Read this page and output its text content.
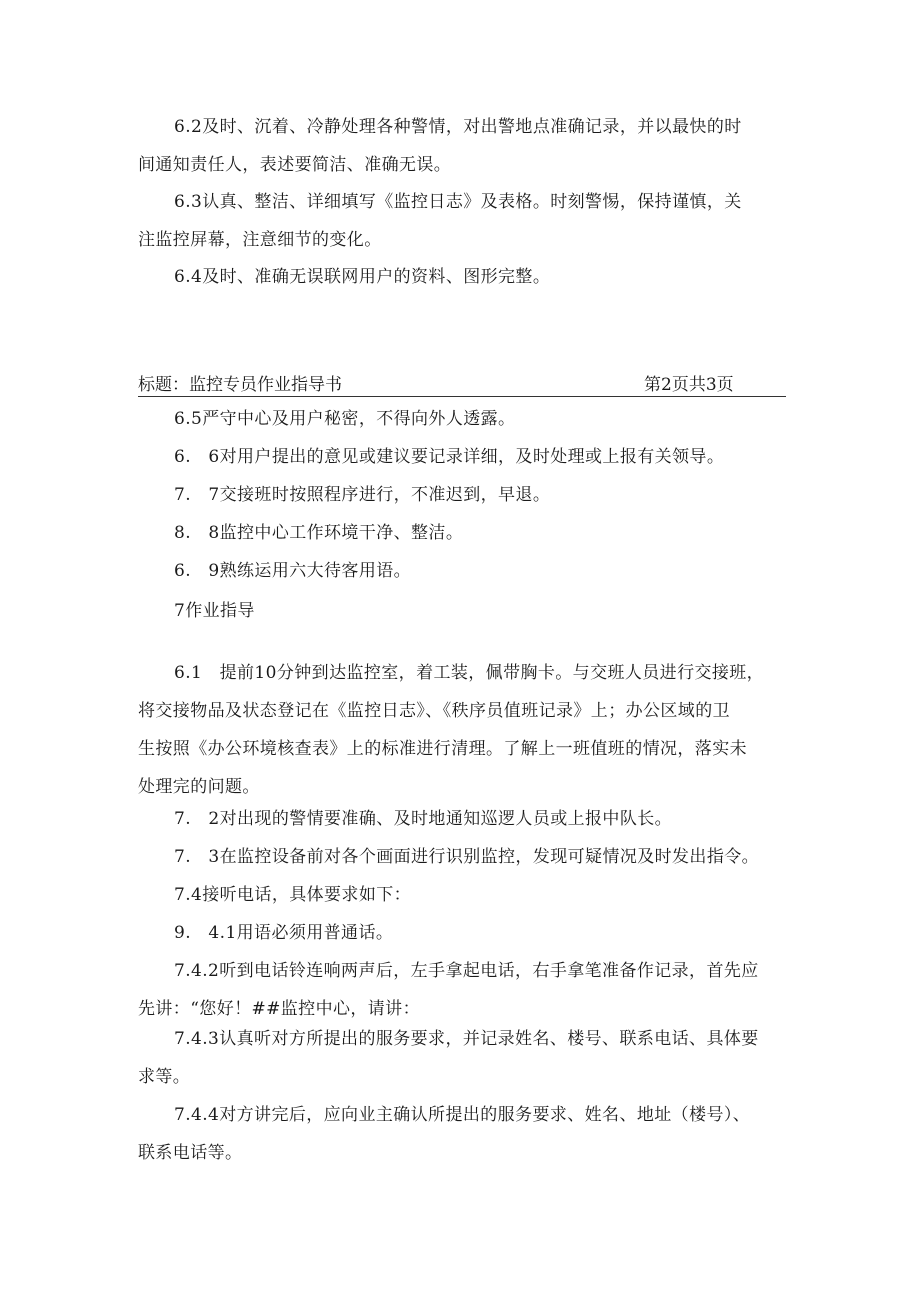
6.2及时、沉着、冷静处理各种警情，对出警地点准确记录，并以最快的时
间通知责任人，表述要简洁、准确无误。
6.3认真、整洁、详细填写《监控日志》及表格。时刻警惕，保持谨慎，关
注监控屏幕，注意细节的变化。
6.4及时、准确无误联网用户的资料、图形完整。
标题：监控专员作业指导书	第2页共3页
6.5严守中心及用户秘密，不得向外人透露。
6.　6对用户提出的意见或建议要记录详细，及时处理或上报有关领导。
7.　7交接班时按照程序进行，不准迟到，早退。
8.　8监控中心工作环境干净、整洁。
6.　9熟练运用六大待客用语。
7作业指导
6.1　提前10分钟到达监控室，着工装，佩带胸卡。与交班人员进行交接班，
将交接物品及状态登记在《监控日志》、《秩序员值班记录》上；办公区域的卫
生按照《办公环境核查表》上的标准进行清理。了解上一班值班的情况，落实未
处理完的问题。
7.　2对出现的警情要准确、及时地通知巡逻人员或上报中队长。
7.　3在监控设备前对各个画面进行识别监控，发现可疑情况及时发出指令。
7.4接听电话，具体要求如下：
9.　4.1用语必须用普通话。
7.4.2听到电话铃连响两声后，左手拿起电话，右手拿笔准备作记录，首先应
先讲：“您好！##监控中心，请讲：
7.4.3认真听对方所提出的服务要求，并记录姓名、楼号、联系电话、具体要
求等。
7.4.4对方讲完后，应向业主确认所提出的服务要求、姓名、地址（楼号）、
联系电话等。
